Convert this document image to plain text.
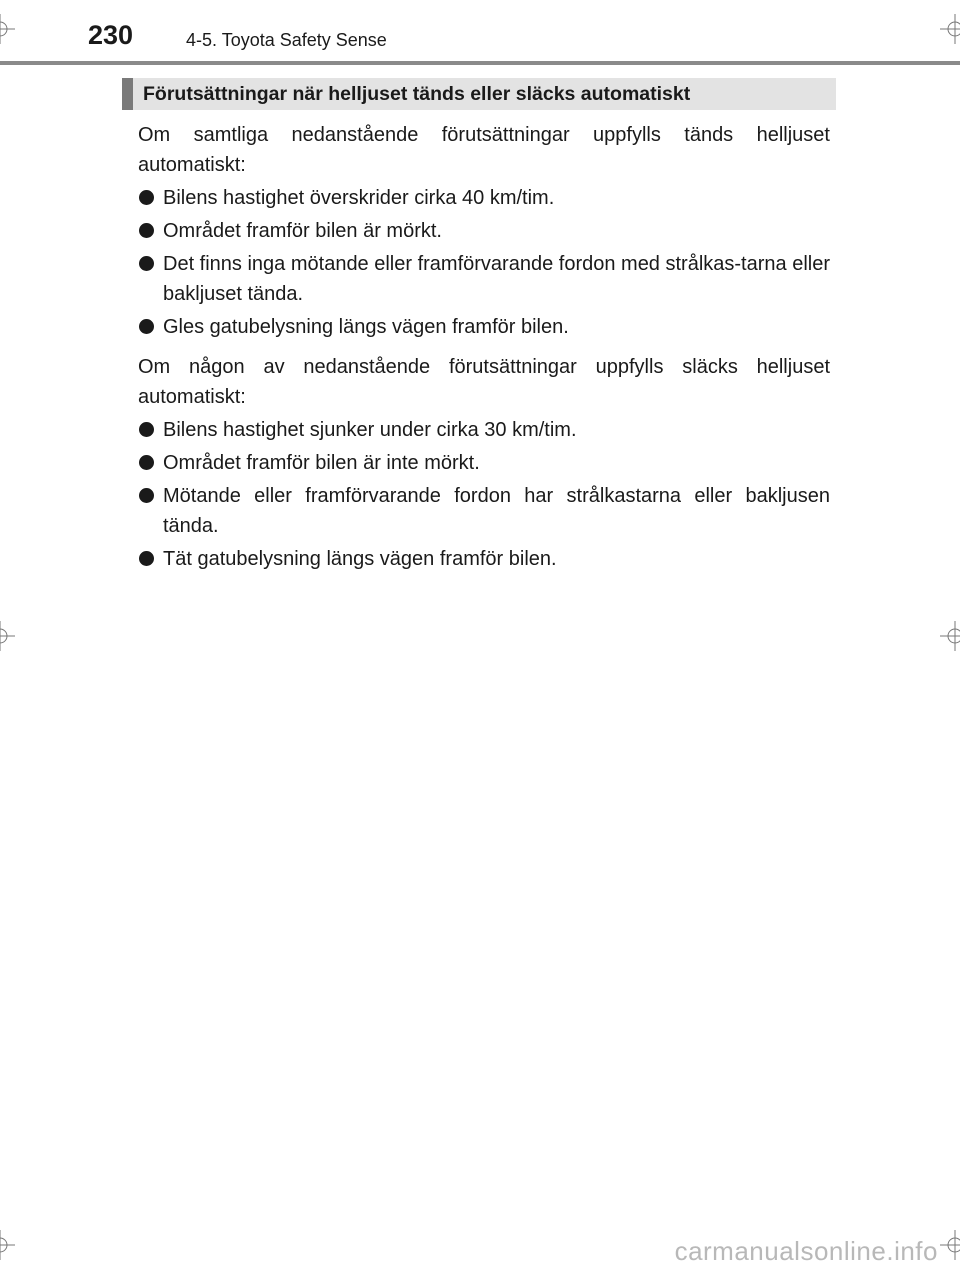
230	4-5. Toyota Safety Sense
Förutsättningar när helljuset tänds eller släcks automatiskt

Om samtliga nedanstående förutsättningar uppfylls tänds helljuset automatiskt:

Bilens hastighet överskrider cirka 40 km/tim.
Området framför bilen är mörkt.
Det finns inga mötande eller framförvarande fordon med strålkas-tarna eller bakljuset tända.
Gles gatubelysning längs vägen framför bilen.

Om någon av nedanstående förutsättningar uppfylls släcks helljuset automatiskt:

Bilens hastighet sjunker under cirka 30 km/tim.
Området framför bilen är inte mörkt.
Mötande eller framförvarande fordon har strålkastarna eller bakljusen tända.
Tät gatubelysning längs vägen framför bilen.
carmanualsonline.info
